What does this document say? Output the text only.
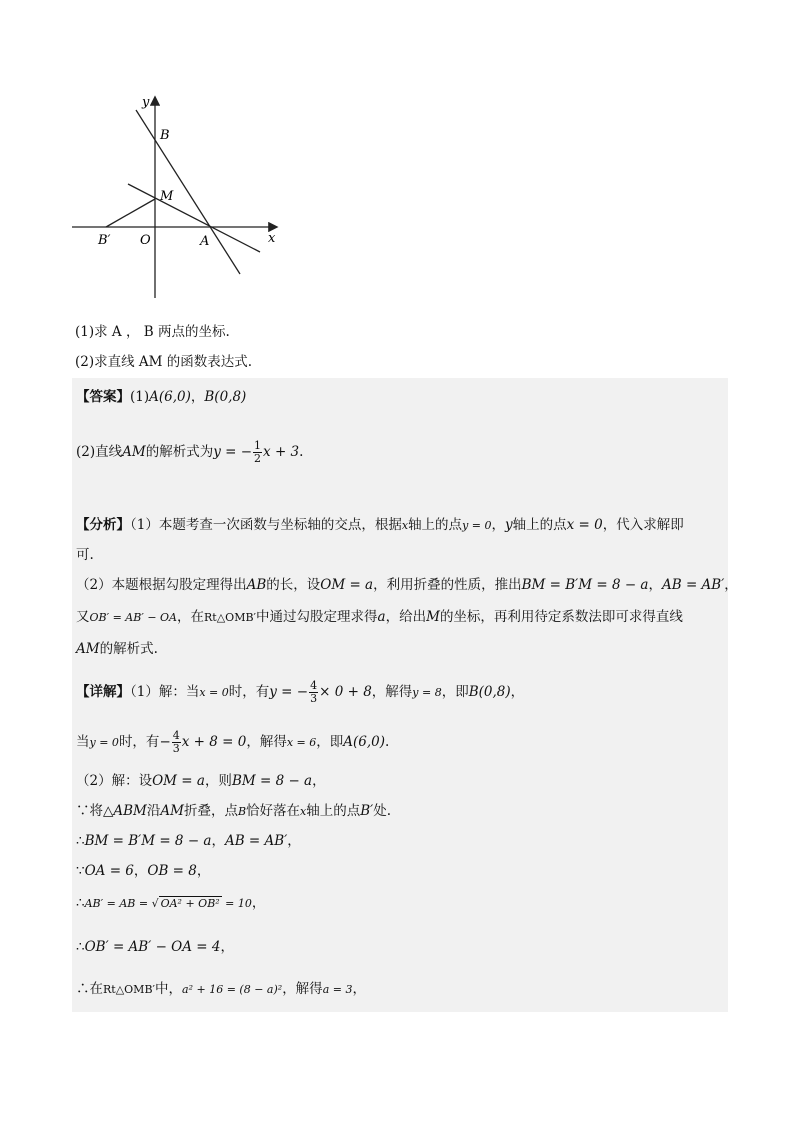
y
x
B
M
O	A
B′
(1)求 A ， B 两点的坐标.
(2)求直线 AM 的函数表达式.
【答案】(1)A(6,0)，B(0,8)
(2)直线AM的解析式为y = − $\frac{1}{2}$ x + 3.
【分析】（1）本题考查一次函数与坐标轴的交点，根据x轴上的点y = 0，y轴上的点x = 0，代入求解即
可.
（2）本题根据勾股定理得出AB的长，设OM = a，利用折叠的性质，推出BM = B′M = 8 − a，AB = AB′，
又OB′ = AB′ − OA，在Rt△OMB′中通过勾股定理求得a，给出M的坐标，再利用待定系数法即可求得直线
AM的解析式.
【详解】（1）解：当x = 0时，有y = − $\frac{4}{3} \times 0 + 8$，解得y = 8，即B(0,8)，
当y = 0时，有− $\frac{4}{3}$ x + 8 = 0，解得x = 6，即A(6,0).
（2）解：设OM = a，则BM = 8 − a，
∵将△ABM沿AM折叠，点B恰好落在x轴上的点B′处.
∴BM = B′M = 8 − a，AB = AB′，
∵OA = 6，OB = 8，
∴AB′ = AB = √ OA² + OB² = 10，
∴OB′ = AB′ − OA = 4，
∴在Rt△OMB′中，a² + 16 = (8 − a)²，解得a = 3，
